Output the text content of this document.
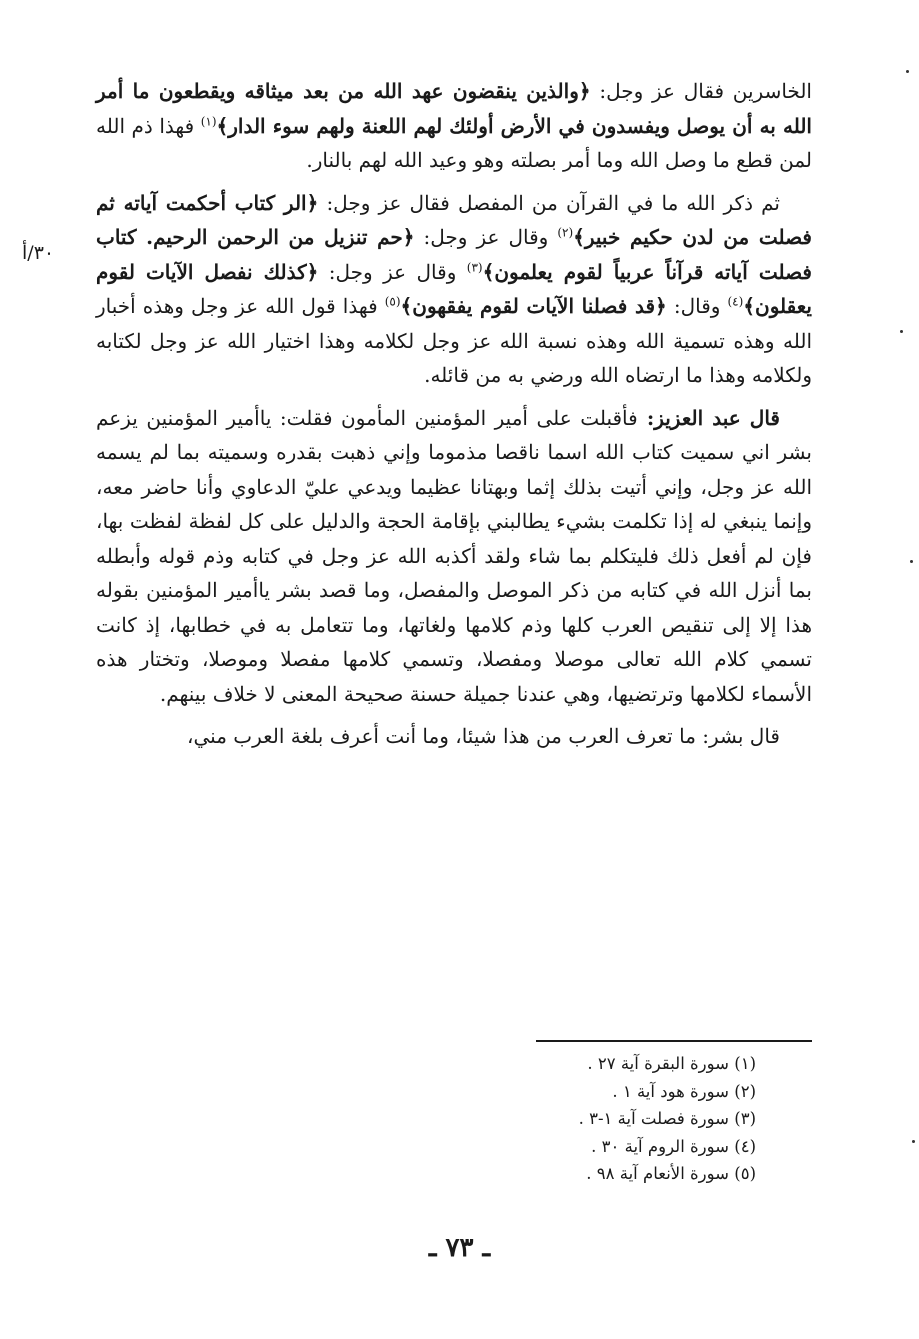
٣٠/أ

الخاسرين فقال عز وجل: ﴿والذين ينقضون عهد الله من بعد ميثاقه ويقطعون ما أمر الله به أن يوصل ويفسدون في الأرض أولئك لهم اللعنة ولهم سوء الدار﴾$^{(١)}$ فهذا ذم الله لمن قطع ما وصل الله وما أمر بصلته وهو وعيد الله لهم بالنار.

ثم ذكر الله ما في القرآن من المفصل فقال عز وجل: ﴿الر كتاب أحكمت آياته ثم فصلت من لدن حكيم خبير﴾$^{(٢)}$ وقال عز وجل: ﴿حم تنزيل من الرحمن الرحيم. كتاب فصلت آياته قرآناً عربياً لقوم يعلمون﴾$^{(٣)}$ وقال عز وجل: ﴿كذلك نفصل الآيات لقوم يعقلون﴾$^{(٤)}$ وقال: ﴿قد فصلنا الآيات لقوم يفقهون﴾$^{(٥)}$ فهذا قول الله عز وجل وهذه أخبار الله وهذه تسمية الله وهذه نسبة الله عز وجل لكلامه وهذا اختيار الله عز وجل لكتابه ولكلامه وهذا ما ارتضاه الله ورضي به من قائله.

قال عبد العزيز: فأقبلت على أمير المؤمنين المأمون فقلت: ياأمير المؤمنين يزعم بشر اني سميت كتاب الله اسما ناقصا مذموما وإني ذهبت بقدره وسميته بما لم يسمه الله عز وجل، وإني أتيت بذلك إثما وبهتانا عظيما ويدعي عليّ الدعاوي وأنا حاضر معه، وإنما ينبغي له إذا تكلمت بشيء يطالبني بإقامة الحجة والدليل على كل لفظة لفظت بها، فإن لم أفعل ذلك فليتكلم بما شاء ولقد أكذبه الله عز وجل في كتابه وذم قوله وأبطله بما أنزل الله في كتابه من ذكر الموصل والمفصل، وما قصد بشر ياأمير المؤمنين بقوله هذا إلا إلى تنقيص العرب كلها وذم كلامها ولغاتها، وما تتعامل به في خطابها، إذ كانت تسمي كلام الله تعالى موصلا ومفصلا، وتسمي كلامها مفصلا وموصلا، وتختار هذه الأسماء لكلامها وترتضيها، وهي عندنا جميلة حسنة صحيحة المعنى لا خلاف بينهم.

قال بشر: ما تعرف العرب من هذا شيئا، وما أنت أعرف بلغة العرب مني،

(١) سورة البقرة آية ٢٧ .
(٢) سورة هود آية ١ .
(٣) سورة فصلت آية ١-٣ .
(٤) سورة الروم آية ٣٠ .
(٥) سورة الأنعام آية ٩٨ .
ـ ٧٣ ـ
